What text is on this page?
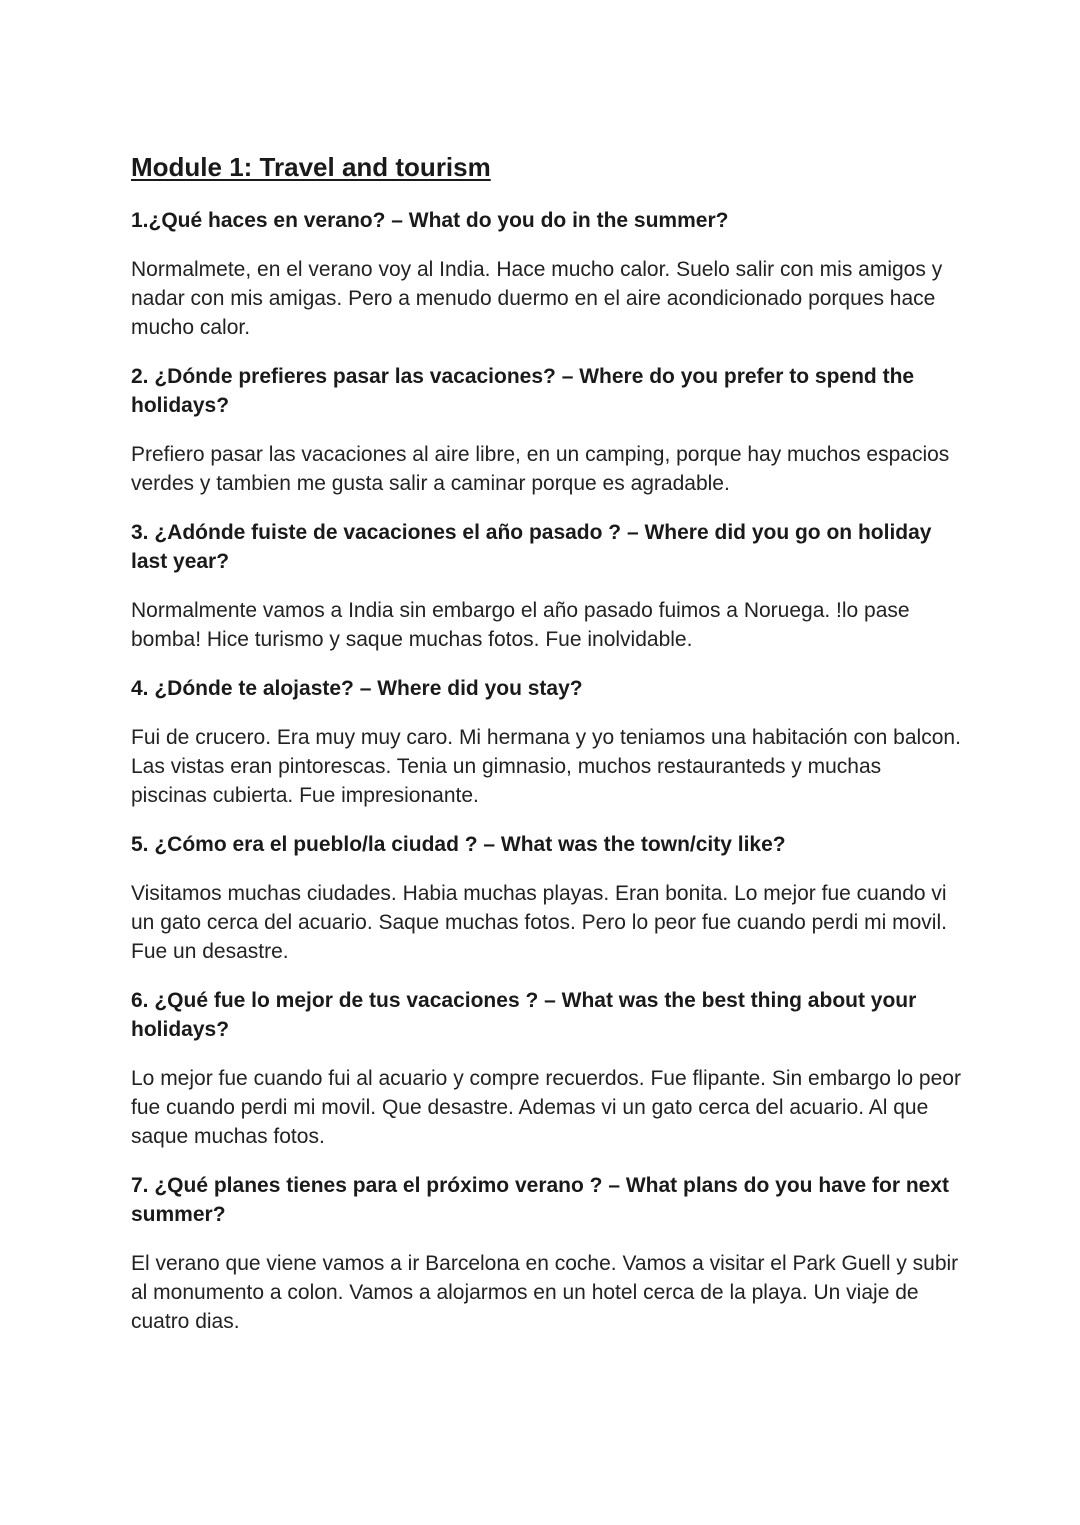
Module 1: Travel and tourism
1.¿Qué haces en verano? – What do you do in the summer?
Normalmete, en el verano voy al India. Hace mucho calor. Suelo salir con mis amigos y nadar con mis amigas. Pero a menudo duermo en el aire acondicionado porques hace mucho calor.
2. ¿Dónde prefieres pasar las vacaciones? – Where do you prefer to spend the holidays?
Prefiero pasar las vacaciones al aire libre, en un camping, porque hay muchos espacios verdes y tambien me gusta salir a caminar porque es agradable.
3. ¿Adónde fuiste de vacaciones el año pasado ? – Where did you go on holiday last year?
Normalmente vamos a India sin embargo el año pasado fuimos a Noruega. !lo pase bomba! Hice turismo y saque muchas fotos. Fue inolvidable.
4. ¿Dónde te alojaste? – Where did you stay?
Fui de crucero. Era muy muy caro. Mi hermana y yo teniamos una habitación con balcon. Las vistas eran pintorescas. Tenia un gimnasio, muchos restauranteds y muchas piscinas cubierta. Fue impresionante.
5. ¿Cómo era el pueblo/la ciudad ? – What was the town/city like?
Visitamos muchas ciudades. Habia muchas playas. Eran bonita. Lo mejor fue cuando vi un gato cerca del acuario. Saque muchas fotos. Pero lo peor fue cuando perdi mi movil. Fue un desastre.
6. ¿Qué fue lo mejor de tus vacaciones ? – What was the best thing about your holidays?
Lo mejor fue cuando fui al acuario y compre recuerdos. Fue flipante. Sin embargo lo peor fue cuando perdi mi movil. Que desastre. Ademas vi un gato cerca del acuario. Al que saque muchas fotos.
7. ¿Qué planes tienes para el próximo verano ? – What plans do you have for next summer?
El verano que viene vamos a ir Barcelona en coche. Vamos a visitar el Park Guell y subir al monumento a colon. Vamos a alojarmos en un hotel cerca de la playa. Un viaje de cuatro dias.
